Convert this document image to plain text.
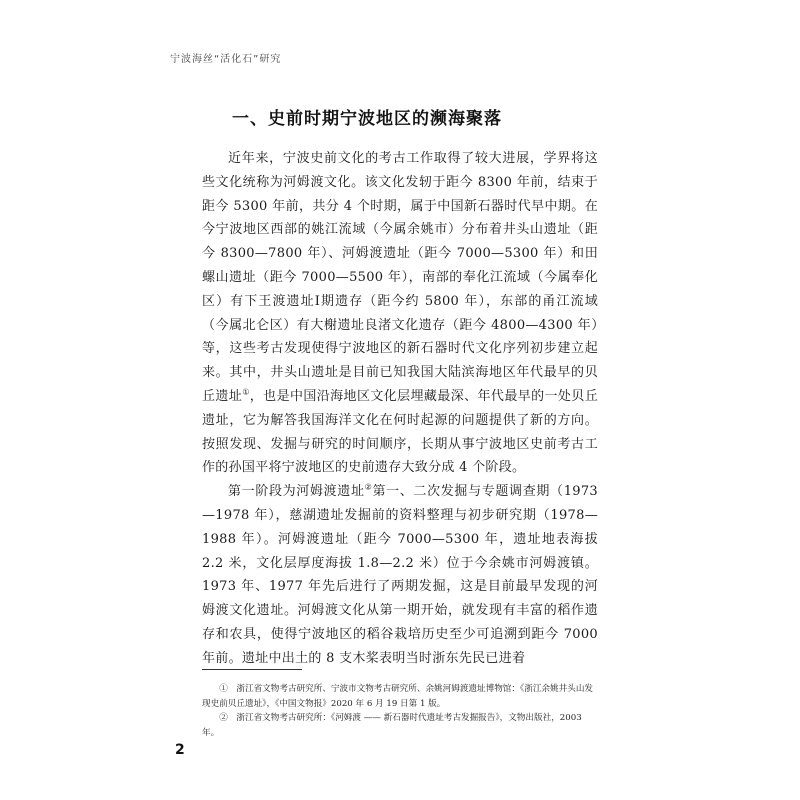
宁波海丝“活化石”研究
一、史前时期宁波地区的濒海聚落

近年来，宁波史前文化的考古工作取得了较大进展，学界将这些文化统称为河姆渡文化。该文化发轫于距今 8300 年前，结束于距今 5300 年前，共分 4 个时期，属于中国新石器时代早中期。在今宁波地区西部的姚江流域（今属余姚市）分布着井头山遗址（距今 8300—7800 年）、河姆渡遗址（距今 7000—5300 年）和田螺山遗址（距今 7000—5500 年），南部的奉化江流域（今属奉化区）有下王渡遗址Ⅰ期遗存（距今约 5800 年），东部的甬江流域（今属北仑区）有大榭遗址良渚文化遗存（距今 4800—4300 年）等，这些考古发现使得宁波地区的新石器时代文化序列初步建立起来。其中，井头山遗址是目前已知我国大陆滨海地区年代最早的贝丘遗址①，也是中国沿海地区文化层埋藏最深、年代最早的一处贝丘遗址，它为解答我国海洋文化在何时起源的问题提供了新的方向。按照发现、发掘与研究的时间顺序，长期从事宁波地区史前考古工作的孙国平将宁波地区的史前遗存大致分成 4 个阶段。

第一阶段为河姆渡遗址②第一、二次发掘与专题调查期（1973—1978 年），慈湖遗址发掘前的资料整理与初步研究期（1978—1988 年）。河姆渡遗址（距今 7000—5300 年，遗址地表海拔 2.2 米，文化层厚度海拔 1.8—2.2 米）位于今余姚市河姆渡镇。1973 年、1977 年先后进行了两期发掘，这是目前最早发现的河姆渡文化遗址。河姆渡文化从第一期开始，就发现有丰富的稻作遗存和农具，使得宁波地区的稻谷栽培历史至少可追溯到距今 7000 年前。遗址中出土的 8 支木桨表明当时浙东先民已进着

①　浙江省文物考古研究所、宁波市文物考古研究所、余姚河姆渡遗址博物馆：《浙江余姚井头山发现史前贝丘遗址》，《中国文物报》2020 年 6 月 19 日第 1 版。

②　浙江省文物考古研究所：《河姆渡 —— 新石器时代遗址考古发掘报告》，文物出版社，2003 年。

2
